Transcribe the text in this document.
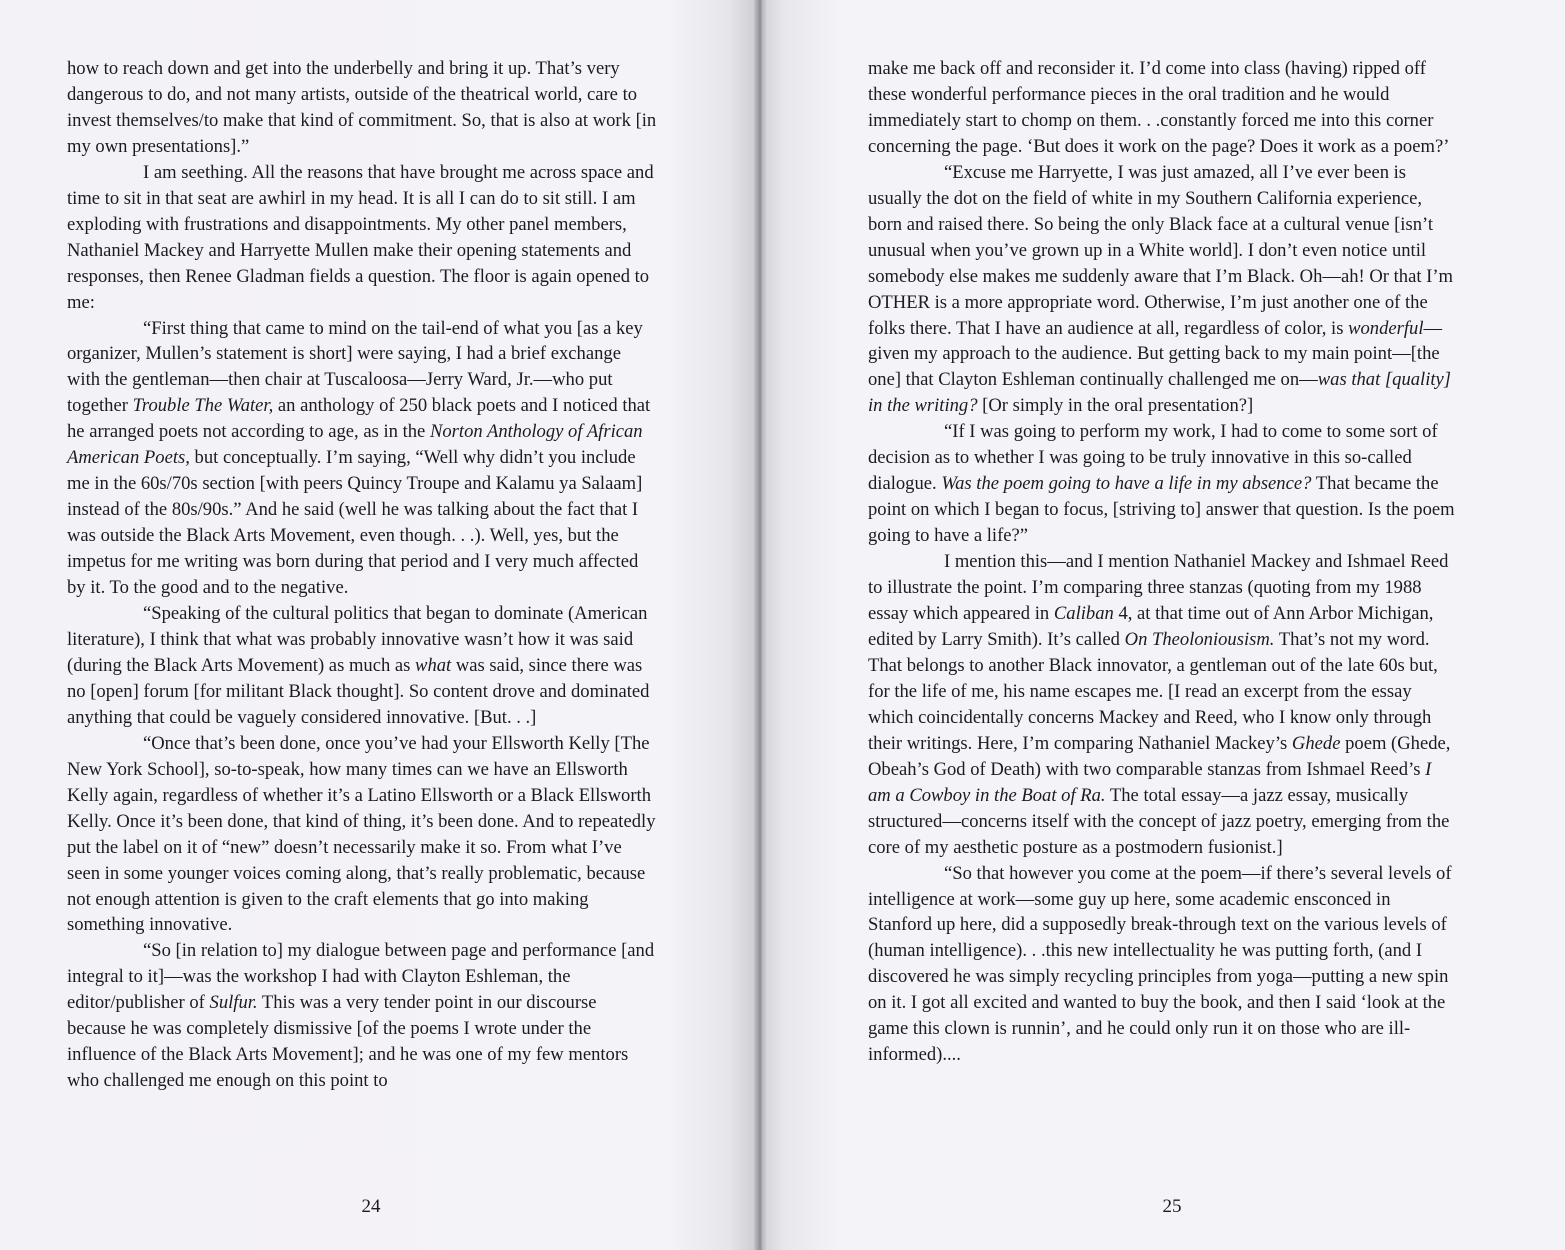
how to reach down and get into the underbelly and bring it up. That’s very dangerous to do, and not many artists, outside of the theatrical world, care to invest themselves/to make that kind of commitment. So, that is also at work [in my own presentations].”

I am seething. All the reasons that have brought me across space and time to sit in that seat are awhirl in my head. It is all I can do to sit still. I am exploding with frustrations and disappointments. My other panel members, Nathaniel Mackey and Harryette Mullen make their opening statements and responses, then Renee Gladman fields a question. The floor is again opened to me:

“First thing that came to mind on the tail-end of what you [as a key organizer, Mullen’s statement is short] were saying, I had a brief exchange with the gentleman—then chair at Tuscaloosa—Jerry Ward, Jr.—who put together Trouble The Water, an anthology of 250 black poets and I noticed that he arranged poets not according to age, as in the Norton Anthology of African American Poets, but conceptually. I’m saying, “Well why didn’t you include me in the 60s/70s section [with peers Quincy Troupe and Kalamu ya Salaam] instead of the 80s/90s.” And he said (well he was talking about the fact that I was outside the Black Arts Movement, even though. . .). Well, yes, but the impetus for me writing was born during that period and I very much affected by it. To the good and to the negative.

“Speaking of the cultural politics that began to dominate (American literature), I think that what was probably innovative wasn’t how it was said (during the Black Arts Movement) as much as what was said, since there was no [open] forum [for militant Black thought]. So content drove and dominated anything that could be vaguely considered innovative. [But. . .]

“Once that’s been done, once you’ve had your Ellsworth Kelly [The New York School], so-to-speak, how many times can we have an Ellsworth Kelly again, regardless of whether it’s a Latino Ellsworth or a Black Ellsworth Kelly. Once it’s been done, that kind of thing, it’s been done. And to repeatedly put the label on it of “new” doesn’t necessarily make it so. From what I’ve seen in some younger voices coming along, that’s really problematic, because not enough attention is given to the craft elements that go into making something innovative.

“So [in relation to] my dialogue between page and performance [and integral to it]—was the workshop I had with Clayton Eshleman, the editor/publisher of Sulfur. This was a very tender point in our discourse because he was completely dismissive [of the poems I wrote under the influence of the Black Arts Movement]; and he was one of my few mentors who challenged me enough on this point to

24

make me back off and reconsider it. I’d come into class (having) ripped off these wonderful performance pieces in the oral tradition and he would immediately start to chomp on them. . .constantly forced me into this corner concerning the page. ‘But does it work on the page? Does it work as a poem?’

“Excuse me Harryette, I was just amazed, all I’ve ever been is usually the dot on the field of white in my Southern California experience, born and raised there. So being the only Black face at a cultural venue [isn’t unusual when you’ve grown up in a White world]. I don’t even notice until somebody else makes me suddenly aware that I’m Black. Oh—ah! Or that I’m OTHER is a more appropriate word. Otherwise, I’m just another one of the folks there. That I have an audience at all, regardless of color, is wonderful—given my approach to the audience. But getting back to my main point—[the one] that Clayton Eshleman continually challenged me on—was that [quality] in the writing? [Or simply in the oral presentation?]

“If I was going to perform my work, I had to come to some sort of decision as to whether I was going to be truly innovative in this so-called dialogue. Was the poem going to have a life in my absence? That became the point on which I began to focus, [striving to] answer that question. Is the poem going to have a life?”

I mention this—and I mention Nathaniel Mackey and Ishmael Reed to illustrate the point. I’m comparing three stanzas (quoting from my 1988 essay which appeared in Caliban 4, at that time out of Ann Arbor Michigan, edited by Larry Smith). It’s called On Theoloniousism. That’s not my word. That belongs to another Black innovator, a gentleman out of the late 60s but, for the life of me, his name escapes me. [I read an excerpt from the essay which coincidentally concerns Mackey and Reed, who I know only through their writings. Here, I’m comparing Nathaniel Mackey’s Ghede poem (Ghede, Obeah’s God of Death) with two comparable stanzas from Ishmael Reed’s I am a Cowboy in the Boat of Ra. The total essay—a jazz essay, musically structured—concerns itself with the concept of jazz poetry, emerging from the core of my aesthetic posture as a postmodern fusionist.]

“So that however you come at the poem—if there’s several levels of intelligence at work—some guy up here, some academic ensconced in Stanford up here, did a supposedly break-through text on the various levels of (human intelligence). . .this new intellectuality he was putting forth, (and I discovered he was simply recycling principles from yoga—putting a new spin on it. I got all excited and wanted to buy the book, and then I said ‘look at the game this clown is runnin’, and he could only run it on those who are ill-informed)....

25
